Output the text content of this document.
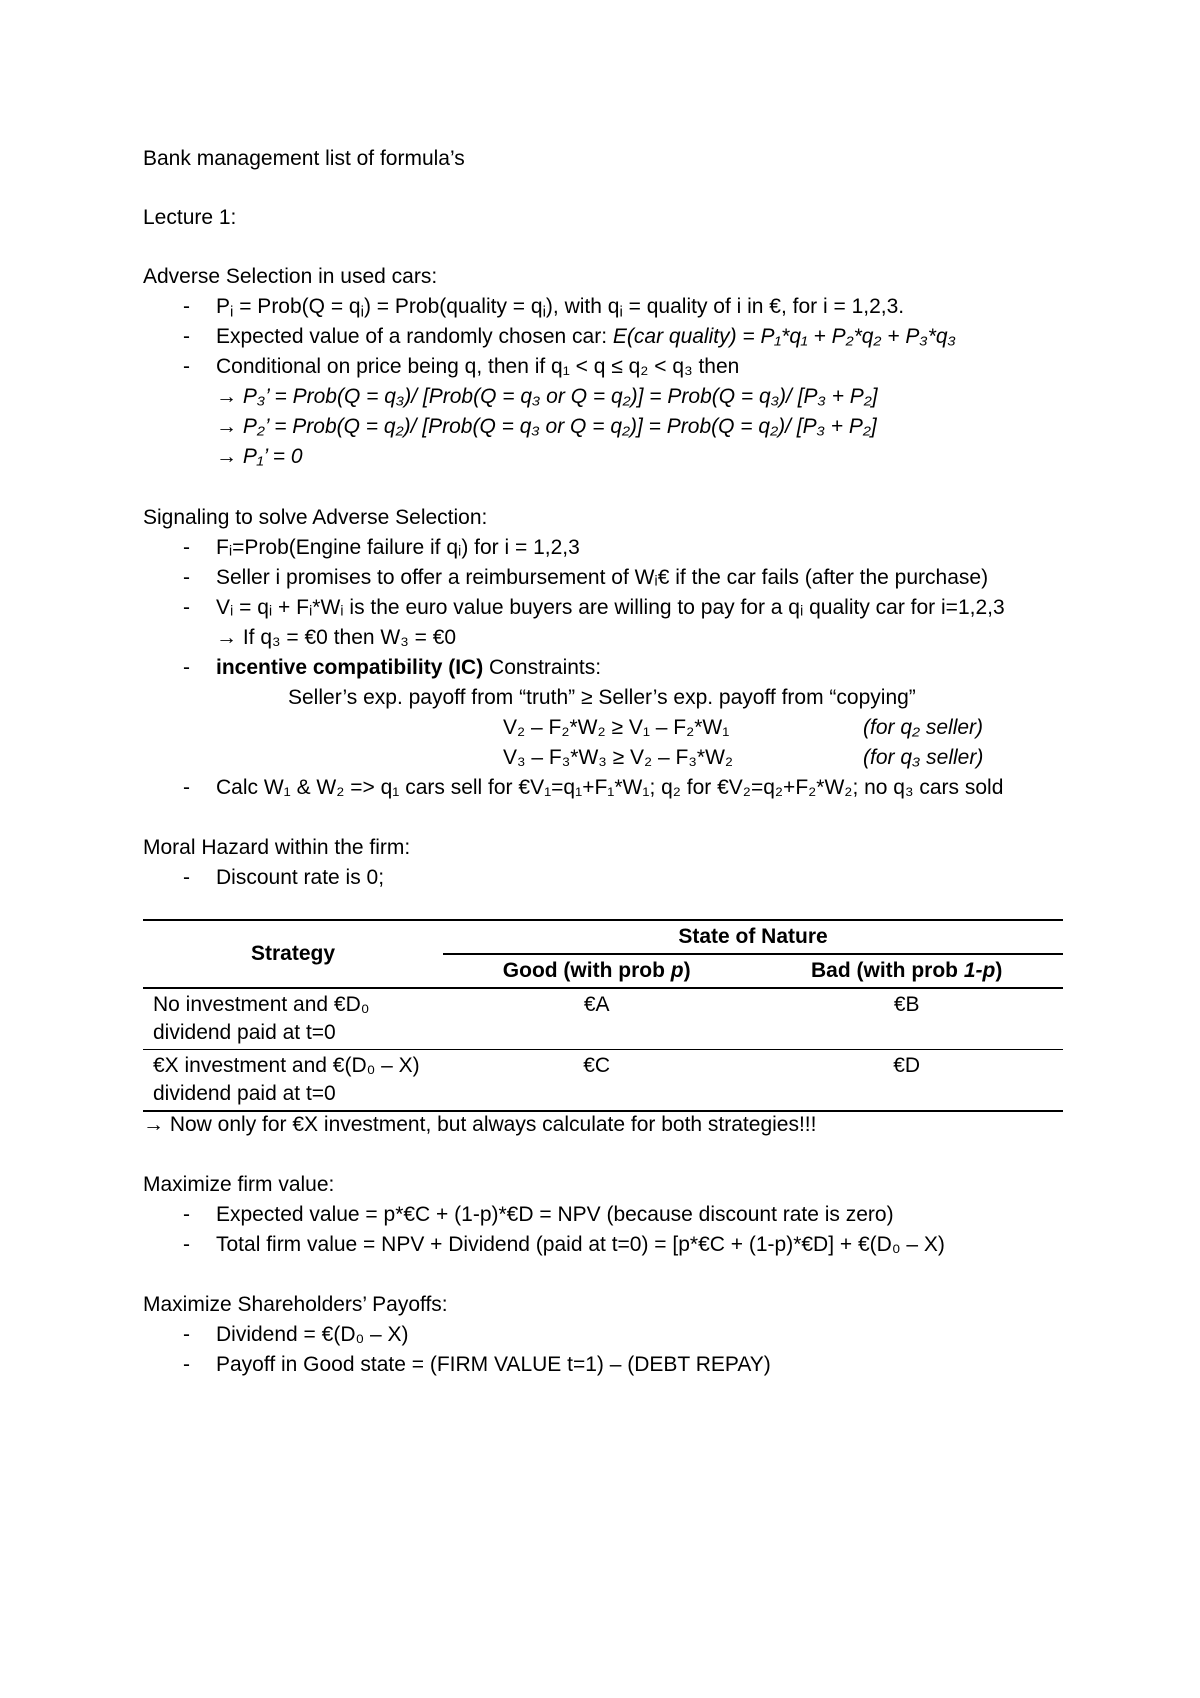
Bank management list of formula’s
Lecture 1:
Adverse Selection in used cars:
- $P_i$ = Prob(Q = $q_i$) = Prob(quality = $q_i$), with $q_i$ = quality of i in €, for i = 1,2,3.
- Expected value of a randomly chosen car: E(car quality) = P₁*q₁ + P₂*q₂ + P₃*q₃
- Conditional on price being q, then if q₁ < q ≤ q₂ < q₃ then
→ P₃’ = Prob(Q = q₃)/ [Prob(Q = q₃ or Q = q₂)] = Prob(Q = q₃)/ [P₃ + P₂]
→ P₂’ = Prob(Q = q₂)/ [Prob(Q = q₃ or Q = q₂)] = Prob(Q = q₂)/ [P₃ + P₂]
→ P₁’ = 0
Signaling to solve Adverse Selection:
- Fᵢ=Prob(Engine failure if qᵢ) for i = 1,2,3
- Seller i promises to offer a reimbursement of Wᵢ€ if the car fails (after the purchase)
- Vᵢ = qᵢ + Fᵢ*Wᵢ is the euro value buyers are willing to pay for a qᵢ quality car for i=1,2,3
→ If q₃ = €0 then W₃ = €0
- incentive compatibility (IC) Constraints:
Seller’s exp. payoff from “truth” ≥ Seller’s exp. payoff from “copying”
V₂ – F₂*W₂ ≥ V₁ – F₂*W₁	(for q₂ seller)
V₃ – F₃*W₃ ≥ V₂ – F₃*W₂	(for q₃ seller)
- Calc W₁ & W₂ => q₁ cars sell for €V₁=q₁+F₁*W₁; q₂ for €V₂=q₂+F₂*W₂; no q₃ cars sold
Moral Hazard within the firm:
- Discount rate is 0;
Strategy	State of Nature	
	Good (with prob p)	Bad (with prob 1-p)
No investment and €D₀
dividend paid at t=0	€A	€B
€X investment and €(D₀ – X)
dividend paid at t=0	€C	€D
→ Now only for €X investment, but always calculate for both strategies!!!
Maximize firm value:
- Expected value = p*€C + (1-p)*€D = NPV (because discount rate is zero)
- Total firm value = NPV + Dividend (paid at t=0) = [p*€C + (1-p)*€D] + €(D₀ – X)
Maximize Shareholders’ Payoffs:
- Dividend = €(D₀ – X)
- Payoff in Good state = (FIRM VALUE t=1) – (DEBT REPAY)
